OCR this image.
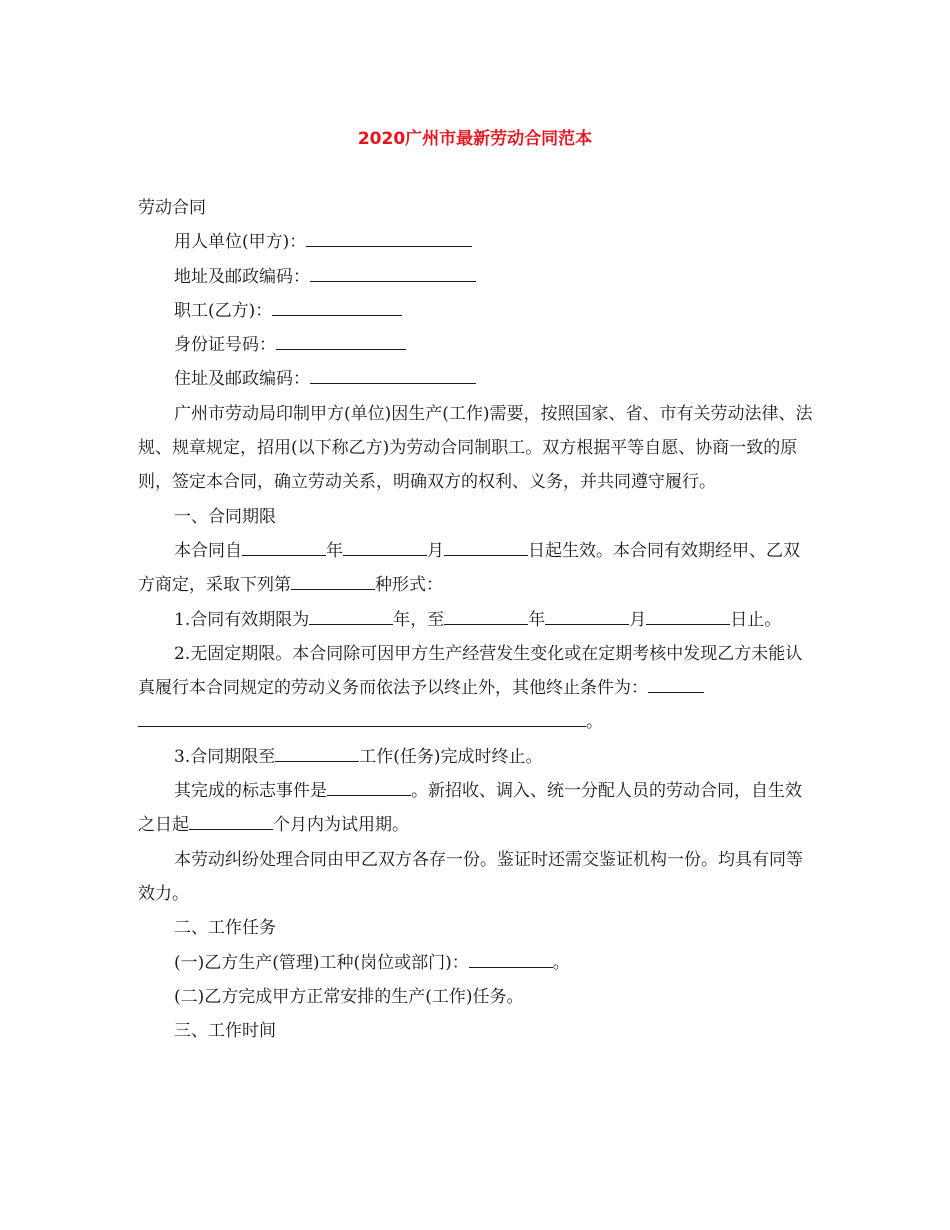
2020广州市最新劳动合同范本

劳动合同

用人单位(甲方)：

地址及邮政编码：

职工(乙方)：

身份证号码：

住址及邮政编码：

广州市劳动局印制甲方(单位)因生产(工作)需要，按照国家、省、市有关劳动法律、法规、规章规定，招用(以下称乙方)为劳动合同制职工。双方根据平等自愿、协商一致的原则，签定本合同，确立劳动关系，明确双方的权利、义务，并共同遵守履行。

一、合同期限

本合同自	年	月	日起生效。本合同有效期经甲、乙双方商定，采取下列第	种形式：

1.合同有效期限为	年，至	年	月	日止。

2.无固定期限。本合同除可因甲方生产经营发生变化或在定期考核中发现乙方未能认真履行本合同规定的劳动义务而依法予以终止外，其他终止条件为：

。

3.合同期限至	工作(任务)完成时终止。

其完成的标志事件是	。新招收、调入、统一分配人员的劳动合同，自生效之日起	个月内为试用期。

本劳动纠纷处理合同由甲乙双方各存一份。鉴证时还需交鉴证机构一份。均具有同等效力。

二、工作任务

(一)乙方生产(管理)工种(岗位或部门)：	。

(二)乙方完成甲方正常安排的生产(工作)任务。

三、工作时间
